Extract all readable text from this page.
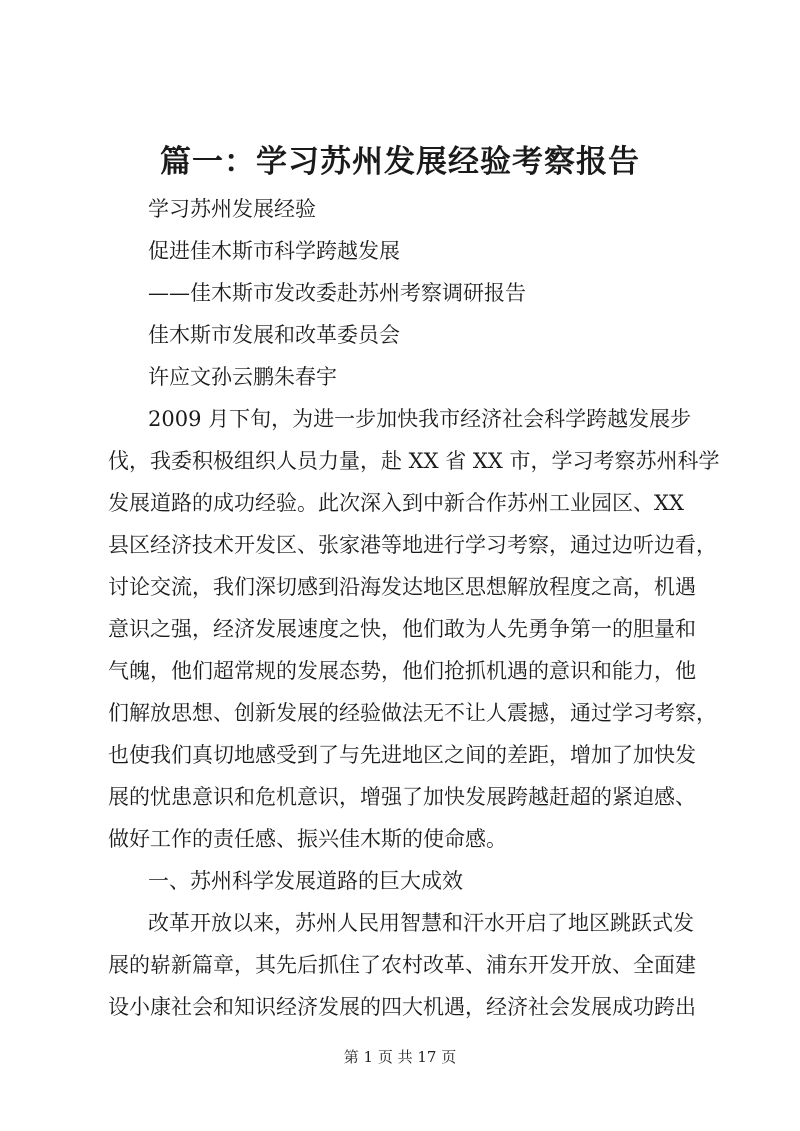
篇一：学习苏州发展经验考察报告
学习苏州发展经验
促进佳木斯市科学跨越发展
——佳木斯市发改委赴苏州考察调研报告
佳木斯市发展和改革委员会
许应文孙云鹏朱春宇
2009 月下旬，为进一步加快我市经济社会科学跨越发展步
伐，我委积极组织人员力量，赴 XX 省 XX 市，学习考察苏州科学
发展道路的成功经验。此次深入到中新合作苏州工业园区、XX
县区经济技术开发区、张家港等地进行学习考察，通过边听边看，
讨论交流，我们深切感到沿海发达地区思想解放程度之高，机遇
意识之强，经济发展速度之快，他们敢为人先勇争第一的胆量和
气魄，他们超常规的发展态势，他们抢抓机遇的意识和能力，他
们解放思想、创新发展的经验做法无不让人震撼，通过学习考察，
也使我们真切地感受到了与先进地区之间的差距，增加了加快发
展的忧患意识和危机意识，增强了加快发展跨越赶超的紧迫感、
做好工作的责任感、振兴佳木斯的使命感。
一、苏州科学发展道路的巨大成效
改革开放以来，苏州人民用智慧和汗水开启了地区跳跃式发
展的崭新篇章，其先后抓住了农村改革、浦东开发开放、全面建
设小康社会和知识经济发展的四大机遇，经济社会发展成功跨出
第 1 页 共 17 页
